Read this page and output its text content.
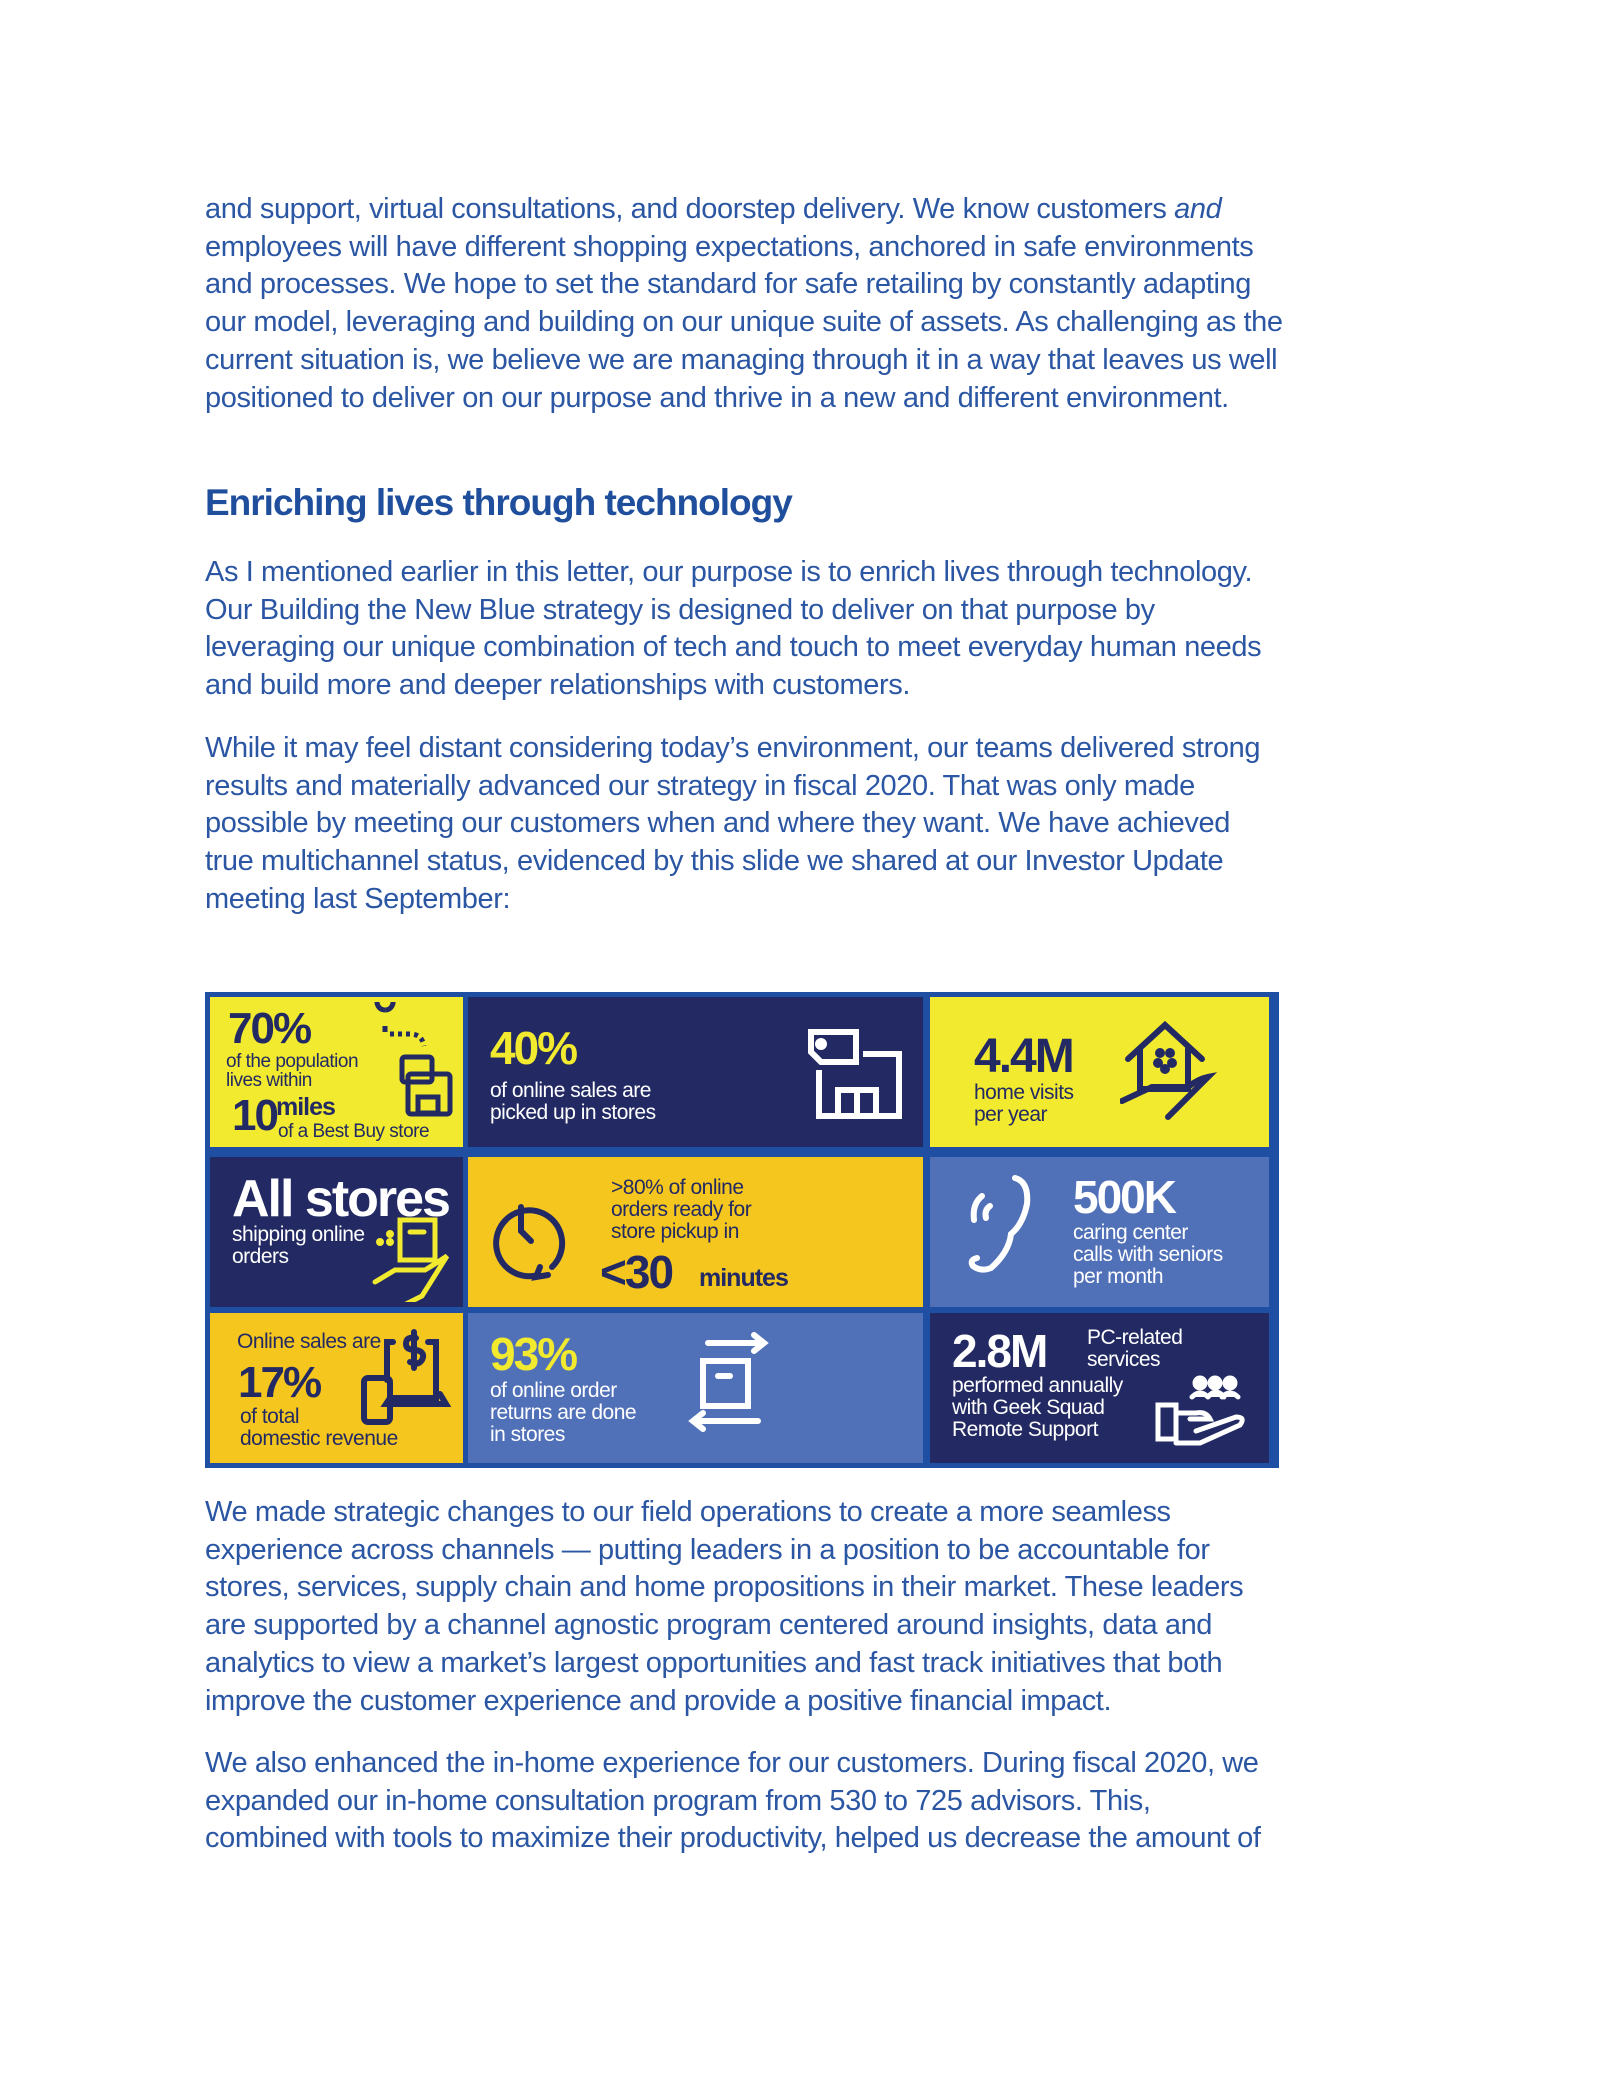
and support, virtual consultations, and doorstep delivery. We know customers and
employees will have different shopping expectations, anchored in safe environments
and processes. We hope to set the standard for safe retailing by constantly adapting
our model, leveraging and building on our unique suite of assets. As challenging as the
current situation is, we believe we are managing through it in a way that leaves us well
positioned to deliver on our purpose and thrive in a new and different environment.
Enriching lives through technology
As I mentioned earlier in this letter, our purpose is to enrich lives through technology.
Our Building the New Blue strategy is designed to deliver on that purpose by
leveraging our unique combination of tech and touch to meet everyday human needs
and build more and deeper relationships with customers.
While it may feel distant considering today’s environment, our teams delivered strong
results and materially advanced our strategy in fiscal 2020. That was only made
possible by meeting our customers when and where they want. We have achieved
true multichannel status, evidenced by this slide we shared at our Investor Update
meeting last September:
70%
of the population
lives within
10 miles
of a Best Buy store
40%
of online sales are
picked up in stores
4.4M
home visits
per year
All stores
shipping online
orders
>80% of online
orders ready for
store pickup in
<30 minutes
500K
caring center
calls with seniors
per month
Online sales are
17%
of total
domestic revenue
93%
of online order
returns are done
in stores
2.8M PC-related
services
performed annually
with Geek Squad
Remote Support
We made strategic changes to our field operations to create a more seamless
experience across channels — putting leaders in a position to be accountable for
stores, services, supply chain and home propositions in their market. These leaders
are supported by a channel agnostic program centered around insights, data and
analytics to view a market’s largest opportunities and fast track initiatives that both
improve the customer experience and provide a positive financial impact.
We also enhanced the in-home experience for our customers. During fiscal 2020, we
expanded our in-home consultation program from 530 to 725 advisors. This,
combined with tools to maximize their productivity, helped us decrease the amount of
